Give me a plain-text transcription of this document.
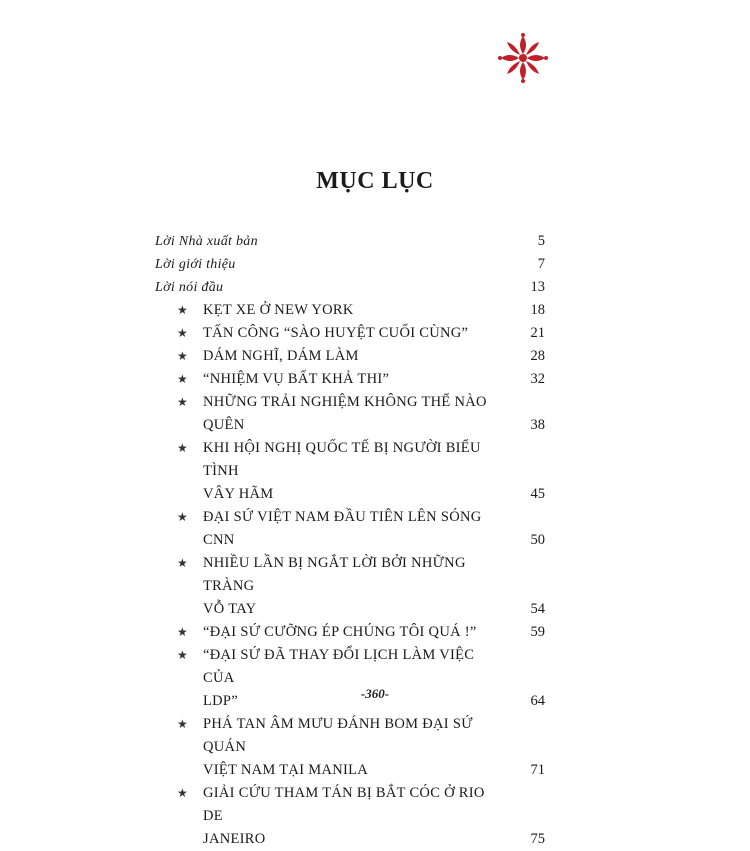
MỤC LỤC
Lời Nhà xuất bản	5
Lời giới thiệu	7
Lời nói đầu	13
★ KẸT XE Ở NEW YORK	18
★ TẤN CÔNG “SÀO HUYỆT CUỐI CÙNG”	21
★ DÁM NGHĨ, DÁM LÀM	28
★ “NHIỆM VỤ BẤT KHẢ THI”	32
★ NHỮNG TRẢI NGHIỆM KHÔNG THỂ NÀO QUÊN	38
★ KHI HỘI NGHỊ QUỐC TẾ BỊ NGƯỜI BIỂU TÌNH
VÂY HÃM	45
★ ĐẠI SỨ VIỆT NAM ĐẦU TIÊN LÊN SÓNG CNN	50
★ NHIỀU LẦN BỊ NGẮT LỜI BỞI NHỮNG TRÀNG
VỖ TAY	54
★ “ĐẠI SỨ CƯỠNG ÉP CHÚNG TÔI QUÁ !”	59
★ “ĐẠI SỨ ĐÃ THAY ĐỔI LỊCH LÀM VIỆC CỦA
LDP”	64
★ PHÁ TAN ÂM MƯU ĐÁNH BOM ĐẠI SỨ QUÁN
VIỆT NAM TẠI MANILA	71
★ GIẢI CỨU THAM TÁN BỊ BẮT CÓC Ở RIO DE
JANEIRO	75
-360-
